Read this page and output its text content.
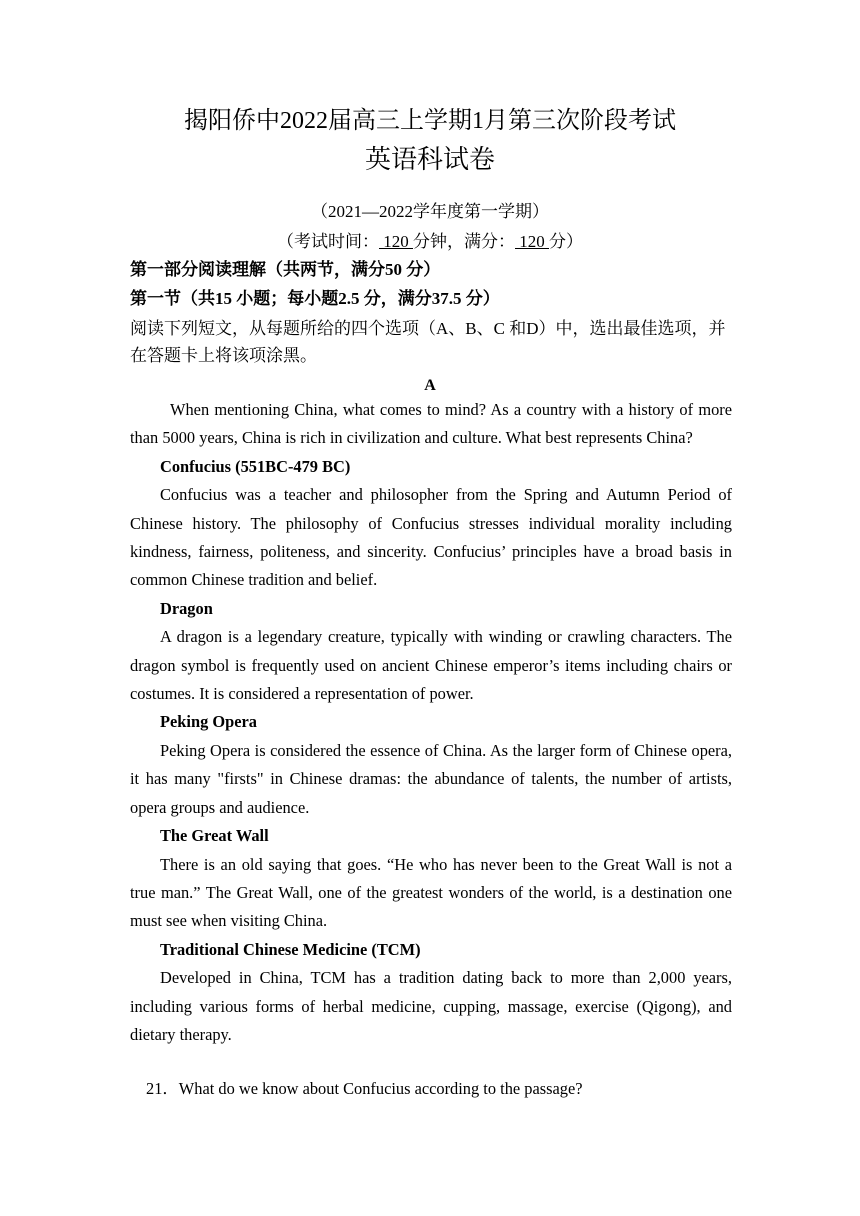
揭阳侨中2022届高三上学期1月第三次阶段考试
英语科试卷
（2021—2022学年度第一学期）
（考试时间： 120 分钟，满分： 120 分）
第一部分阅读理解（共两节，满分50 分）
第一节（共15 小题；每小题2.5 分，满分37.5 分）
阅读下列短文，从每题所给的四个选项（A、B、C 和D）中，选出最佳选项，并在答题卡上将该项涂黑。
A

When mentioning China, what comes to mind? As a country with a history of more than 5000 years, China is rich in civilization and culture. What best represents China?

Confucius (551BC-479 BC)

Confucius was a teacher and philosopher from the Spring and Autumn Period of Chinese history. The philosophy of Confucius stresses individual morality including kindness, fairness, politeness, and sincerity. Confucius’ principles have a broad basis in common Chinese tradition and belief.

Dragon

A dragon is a legendary creature, typically with winding or crawling characters. The dragon symbol is frequently used on ancient Chinese emperor’s items including chairs or costumes. It is considered a representation of power.

Peking Opera

Peking Opera is considered the essence of China. As the larger form of Chinese opera, it has many "firsts" in Chinese dramas: the abundance of talents, the number of artists, opera groups and audience.

The Great Wall

There is an old saying that goes. “He who has never been to the Great Wall is not a true man.” The Great Wall, one of the greatest wonders of the world, is a destination one must see when visiting China.

Traditional Chinese Medicine (TCM)

Developed in China, TCM has a tradition dating back to more than 2,000 years, including various forms of herbal medicine, cupping, massage, exercise (Qigong), and dietary therapy.

21．What do we know about Confucius according to the passage?
